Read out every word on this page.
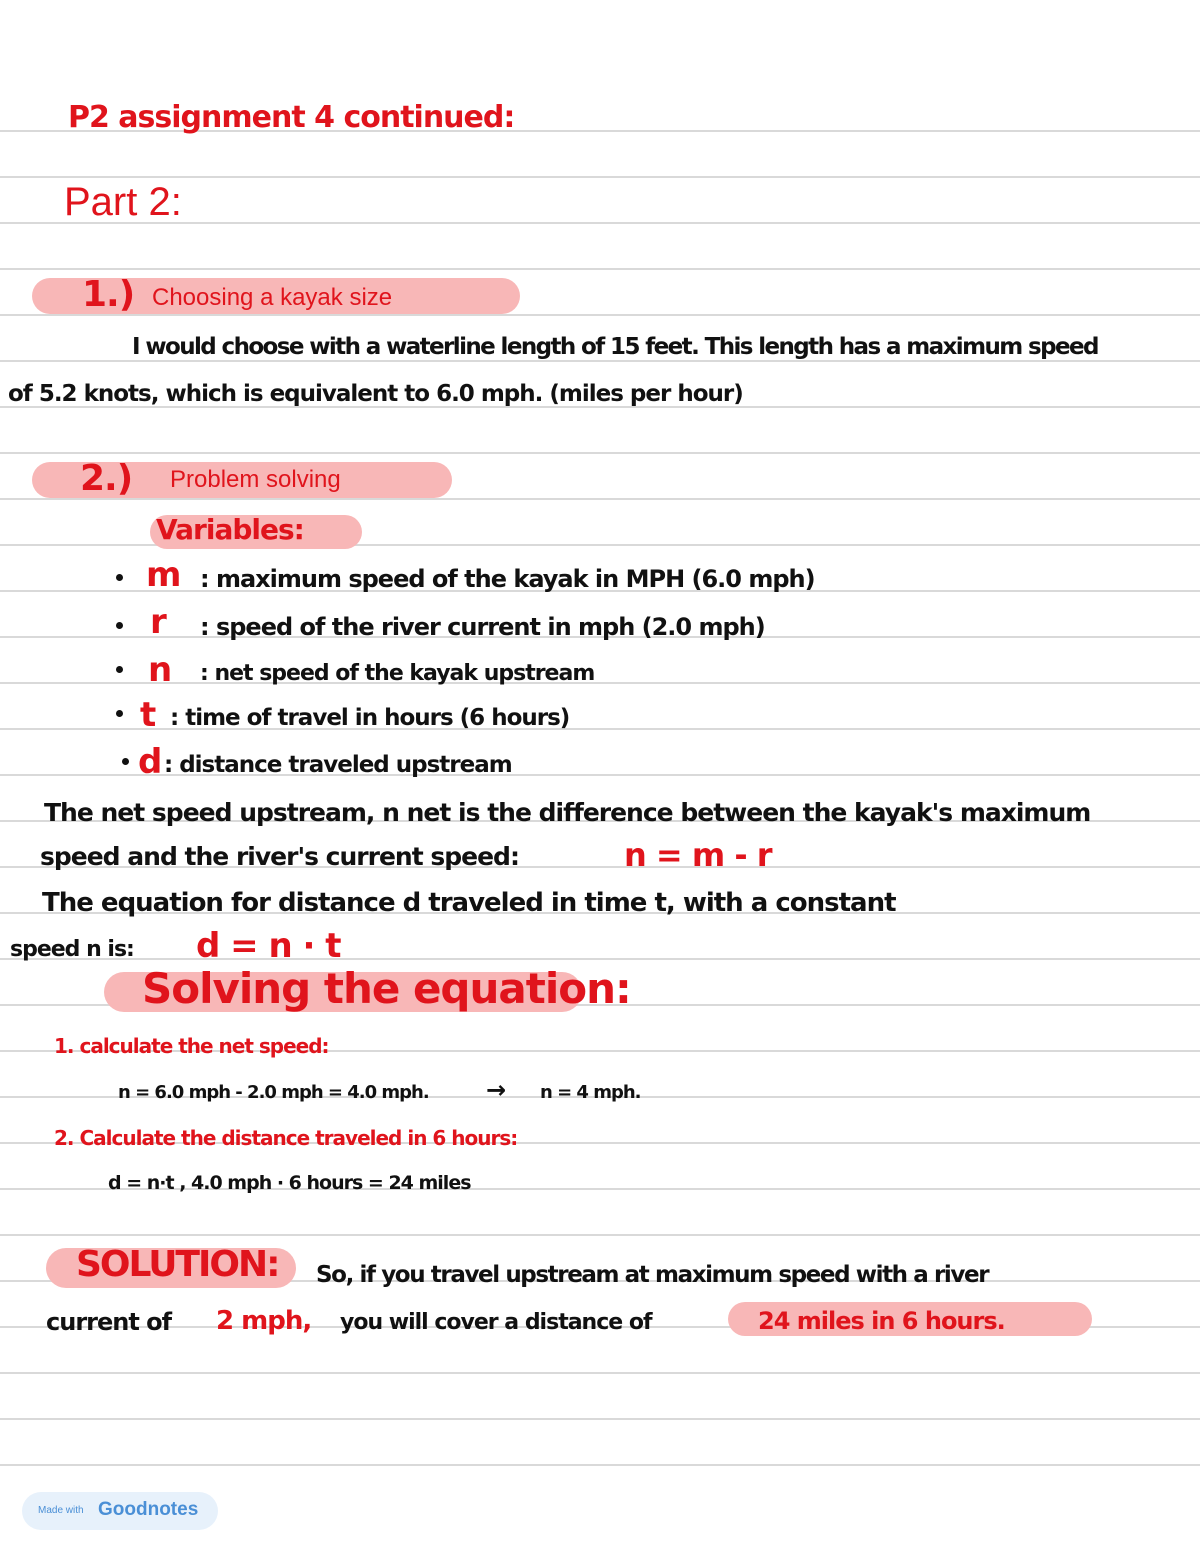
P2 assignment 4 continued:
Part 2:
1.) Choosing a kayak size
I would choose with a waterline length of 15 feet. This length has a maximum speed
of 5.2 knots, which is equivalent to 6.0 mph. (miles per hour)
2.) Problem solving
Variables:
m : maximum speed of the kayak in MPH (6.0 mph)
r : speed of the river current in mph (2.0 mph)
n : net speed of the kayak upstream
t : time of travel in hours (6 hours)
d : distance traveled upstream
The net speed upstream, n net is the difference between the kayak's maximum
speed and the river's current speed:	n = m - r
The equation for distance d traveled in time t, with a constant
speed n is: d = n · t
Solving the equation:
1. calculate the net speed:
n = 6.0 mph - 2.0 mph = 4.0 mph. → n = 4 mph.
2. Calculate the distance traveled in 6 hours:
d = n·t , 4.0 mph · 6 hours = 24 miles
SOLUTION: So, if you travel upstream at maximum speed with a river
current of 2 mph, you will cover a distance of	24 miles in 6 hours.
Made with Goodnotes
